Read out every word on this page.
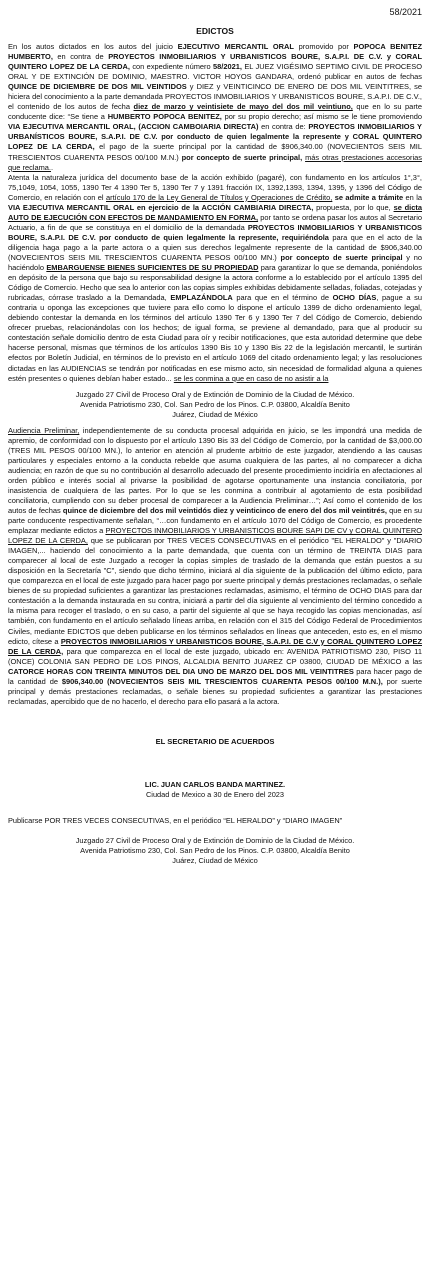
58/2021
EDICTOS

En los autos dictados en los autos del juicio EJECUTIVO MERCANTIL ORAL promovido por POPOCA BENITEZ HUMBERTO, en contra de PROYECTOS INMOBILIARIOS Y URBANISTICOS BOURE, S.A.P.I. DE C.V. y CORAL QUINTERO LOPEZ DE LA CERDA, con expediente número 58/2021, EL JUEZ VIGÉSIMO SEPTIMO CIVIL DE PROCESO ORAL Y DE EXTINCIÓN DE DOMINIO, MAESTRO. VICTOR HOYOS GANDARA, ordenó publicar en autos de fechas QUINCE DE DICIEMBRE DE DOS MIL VEINTIDOS y DIEZ y VEINTICINCO DE ENERO DE DOS MIL VEINTITRES, se hiciera del conocimiento a la parte demandada PROYECTOS INMOBILIARIOS Y URBANISTICOS BOURE, S.A.P.I. DE C.V., el contenido de los autos de fecha diez de marzo y veintisiete de mayo del dos mil veintiuno, que en lo su parte conducente dice: “Se tiene a HUMBERTO POPOCA BENITEZ, por su propio derecho; así mismo se le tiene promoviendo VIA EJECUTIVA MERCANTIL ORAL, (ACCION CAMBOIARIA DIRECTA) en contra de: PROYECTOS INMOBILIARIOS Y URBANÍSTICOS BOURE, S.A.P.I. DE C.V. por conducto de quien legalmente la represente y CORAL QUINTERO LOPEZ DE LA CERDA, el pago de la suerte principal por la cantidad de $906,340.00 (NOVECIENTOS SEIS MIL TRESCIENTOS CUARENTA PESOS 00/100 M.N.) por concepto de suerte principal, más otras prestaciones accesorias que reclama..

Atenta la naturaleza jurídica del documento base de la acción exhibido (pagaré), con fundamento en los artículos 1°,3°, 75,1049, 1054, 1055, 1390 Ter 4 1390 Ter 5, 1390 Ter 7 y 1391 fracción IX, 1392,1393, 1394, 1395, y 1396 del Código de Comercio, en relación con el artículo 170 de la Ley General de Títulos y Operaciones de Crédito, se admite a trámite en la VIA EJECUTIVA MERCANTIL ORAL en ejercicio de la ACCIÓN CAMBIARIA DIRECTA, propuesta, por lo que, se dicta AUTO DE EJECUCIÓN CON EFECTOS DE MANDAMIENTO EN FORMA, por tanto se ordena pasar los autos al Secretario Actuario, a fin de que se constituya en el domicilio de la demandada PROYECTOS INMOBILIARIOS Y URBANISTICOS BOURE, S.A.P.I. DE C.V. por conducto de quien legalmente la represente, requiriéndola para que en el acto de la diligencia haga pago a la parte actora o a quien sus derechos legalmente represente de la cantidad de $906,340.00 (NOVECIENTOS SEIS MIL TRESCIENTOS CUARENTA PESOS 00/100 MN.) por concepto de suerte principal y no haciéndolo EMBARGUENSE BIENES SUFICIENTES DE SU PROPIEDAD para garantizar lo que se demanda, poniéndolos en depósito de la persona que bajo su responsabilidad designe la actora conforme a lo establecido por el artículo 1395 del Código de Comercio. Hecho que sea lo anterior con las copias simples exhibidas debidamente selladas, foliadas, cotejadas y rubricadas, córrase traslado a la Demandada, EMPLAZÁNDOLA para que en el término de OCHO DÍAS, pague a su contraria u oponga las excepciones que tuviere para ello como lo dispone el artículo 1399 de dicho ordenamiento legal, debiendo contestar la demanda en los términos del artículo 1390 Ter 6 y 1390 Ter 7 del Código de Comercio, debiendo ofrecer pruebas, relacionándolas con los hechos; de igual forma, se previene al demandado, para que al producir su contestación señale domicilio dentro de esta Ciudad para oír y recibir notificaciones, que esta autoridad determine que debe hacerse personal, mismas que términos de los artículos 1390 Bis 10 y 1390 Bis 22 de la legislación mercantil, le surtirán efectos por Boletín Judicial, en términos de lo previsto en el artículo 1069 del citado ordenamiento legal; y las resoluciones dictadas en las AUDIENCIAS se tendrán por notificadas en ese mismo acto, sin necesidad de formalidad alguna a quienes estén presentes o quienes debían haber estado... se les conmina a que en caso de no asistir a la

Juzgado 27 Civil de Proceso Oral y de Extinción de Dominio de la Ciudad de México.
Avenida Patriotismo 230, Col. San Pedro de los Pinos. C.P. 03800, Alcaldía Benito
Juárez, Ciudad de México

Audiencia Preliminar, independientemente de su conducta procesal adquirida en juicio, se les impondrá una medida de apremio, de conformidad con lo dispuesto por el artículo 1390 Bis 33 del Código de Comercio, por la cantidad de $3,000.00 (TRES MIL PESOS 00/100 MN.), lo anterior en atención al prudente arbitrio de este juzgador, atendiendo a las causas particulares y especiales entorno a la conducta rebelde que asuma cualquiera de las partes, al no comparecer a dicha audiencia; en razón de que su no contribución al desarrollo adecuado del presente procedimiento incidiría en afectaciones al orden público e interés social al privarse la posibilidad de agotarse oportunamente una instancia conciliatoria, por inasistencia de cualquiera de las partes. Por lo que se les conmina a contribuir al agotamiento de esta posibilidad conciliatoria, cumpliendo con su deber procesal de comparecer a la Audiencia Preliminar…”; Así como el contenido de los autos de fechas quince de diciembre del dos mil veintidós diez y veinticinco de enero del dos mil veintitrés, que en su parte conducente respectivamente señalan, “…con fundamento en el artículo 1070 del Código de Comercio, es procedente emplazar mediante edictos a PROYECTOS INMOBILIARIOS Y URBANISTICOS BOURE SAPI DE CV y CORAL QUINTERO LOPEZ DE LA CERDA, que se publicaran por TRES VECES CONSECUTIVAS en el periódico "EL HERALDO" y "DIARIO IMAGEN,... haciendo del conocimiento a la parte demandada, que cuenta con un término de TREINTA DIAS para comparecer al local de este Juzgado a recoger la copias simples de traslado de la demanda que están puestos a su disposición en la Secretaría "C", siendo que dicho término, iniciará al día siguiente de la publicación del último edicto, para que comparezca en el local de este juzgado para hacer pago por suerte principal y demás prestaciones reclamadas, o señale bienes de su propiedad suficientes a garantizar las prestaciones reclamadas, asimismo, el término de OCHO DIAS para dar contestación a la demanda instaurada en su contra, iniciará a partir del día siguiente al vencimiento del término concedido a la misma para recoger el traslado, o en su caso, a partir del siguiente al que se haya recogido las copias mencionadas, así también, con fundamento en el artículo señalado líneas arriba, en relación con el 315 del Código Federal de Procedimientos Civiles, mediante EDICTOS que deben publicarse en los términos señalados en líneas que anteceden, esto es, en el mismo edicto, cítese a PROYECTOS INMOBILIARIOS Y URBANISTICOS BOURE, S.A.P.I. DE C.V y CORAL QUINTERO LOPEZ DE LA CERDA, para que comparezca en el local de este juzgado, ubicado en: AVENIDA PATRIOTISMO 230, PISO 11 (ONCE) COLONIA SAN PEDRO DE LOS PINOS, ALCALDIA BENITO JUAREZ CP 03800, CIUDAD DE MÉXICO a las CATORCE HORAS CON TREINTA MINUTOS DEL DIA UNO DE MARZO DEL DOS MIL VEINTITRES para hacer pago de la cantidad de $906,340.00 (NOVECIENTOS SEIS MIL TRESCIENTOS CUARENTA PESOS 00/100 M.N.), por suerte principal y demás prestaciones reclamadas, o señale bienes su propiedad suficientes a garantizar las prestaciones reclamadas, apercibido que de no hacerlo, el derecho para ello pasará a la actora.

EL SECRETARIO DE ACUERDOS
LIC. JUAN CARLOS BANDA MARTINEZ.
Ciudad de Mexico a 30 de Enero del 2023
Publicarse POR TRES VECES CONSECUTIVAS, en el periódico “EL HERALDO” y “DIARO IMAGEN”
Juzgado 27 Civil de Proceso Oral y de Extinción de Dominio de la Ciudad de México.
Avenida Patriotismo 230, Col. San Pedro de los Pinos. C.P. 03800, Alcaldía Benito
Juárez, Ciudad de México
